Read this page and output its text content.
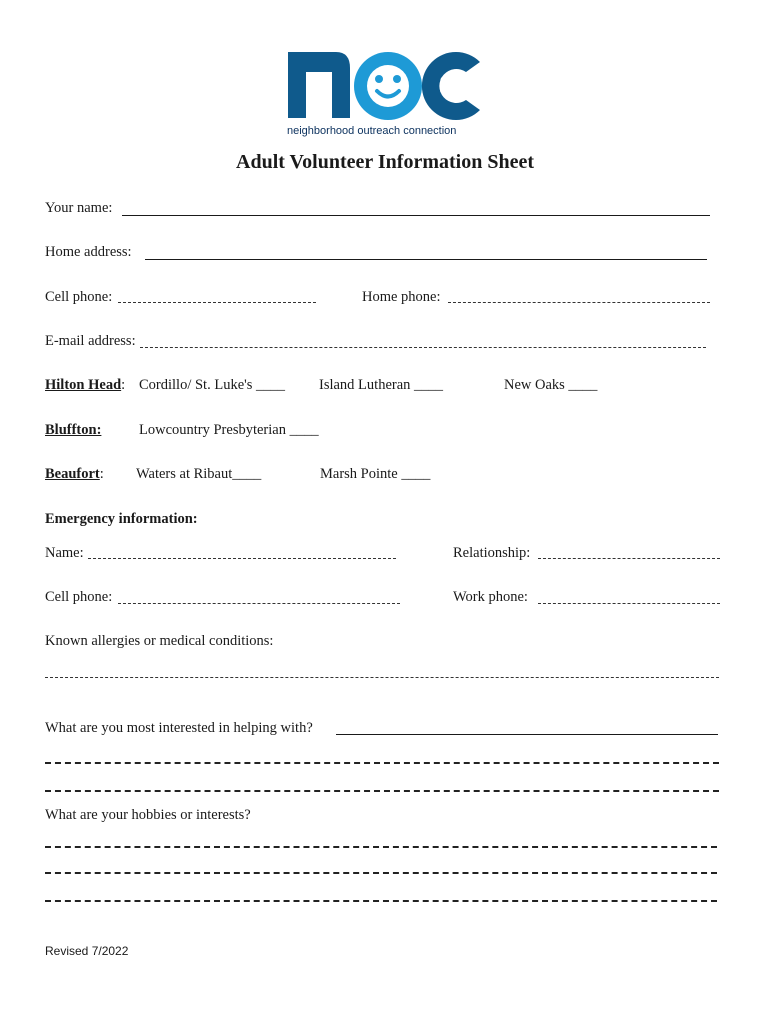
neighborhood outreach connection
Adult Volunteer Information Sheet
Your name:
Home address:
Cell phone:	Home phone:
E-mail address:
Hilton Head: Cordillo/ St. Luke's ____ Island Lutheran ____	New Oaks ____
Bluffton:	Lowcountry Presbyterian ____
Beaufort: Waters at Ribaut____	Marsh Pointe ____
Emergency information:
Name:	Relationship:
Cell phone:	Work phone:
Known allergies or medical conditions:
What are you most interested in helping with?
What are your hobbies or interests?
Revised 7/2022
